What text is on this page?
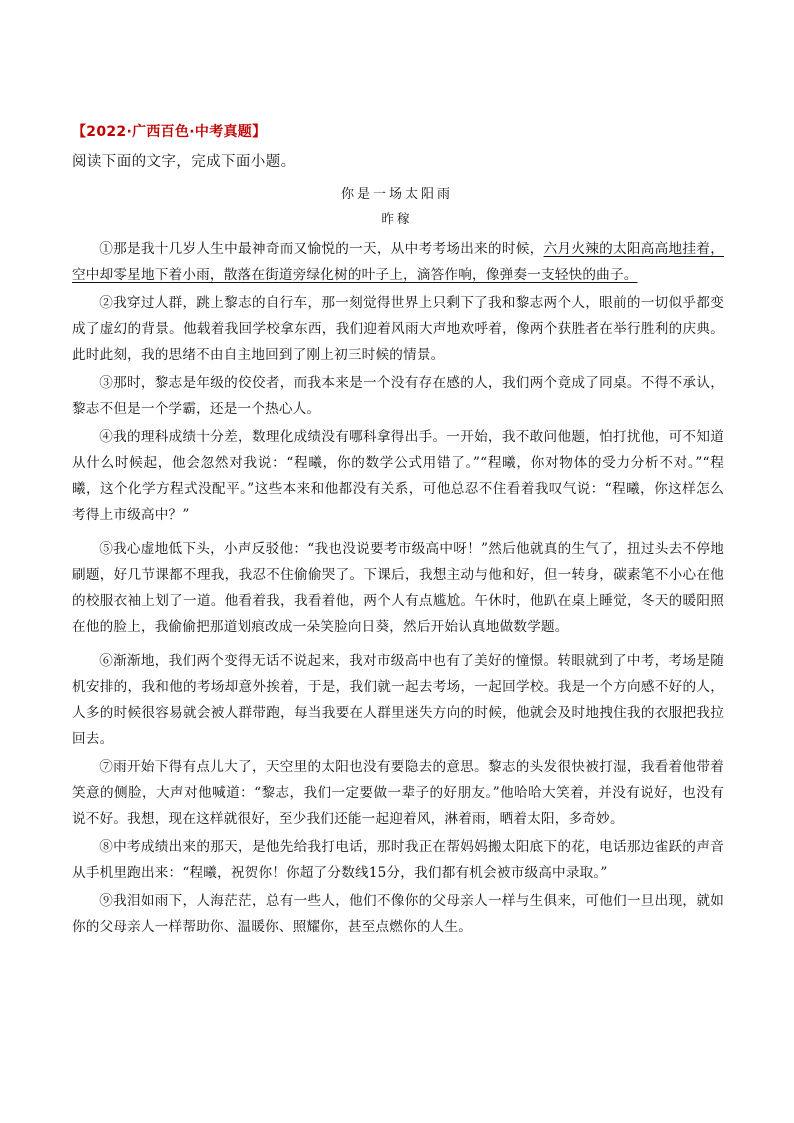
【2022·广西百色·中考真题】
阅读下面的文字，完成下面小题。
你是一场太阳雨
昨稼

①那是我十几岁人生中最神奇而又愉悦的一天，从中考考场出来的时候，六月火辣的太阳高高地挂着，空中却零星地下着小雨，散落在街道旁绿化树的叶子上，滴答作响，像弹奏一支轻快的曲子。

②我穿过人群，跳上黎志的自行车，那一刻觉得世界上只剩下了我和黎志两个人，眼前的一切似乎都变成了虚幻的背景。他载着我回学校拿东西，我们迎着风雨大声地欢呼着，像两个获胜者在举行胜利的庆典。此时此刻，我的思绪不由自主地回到了刚上初三时候的情景。

③那时，黎志是年级的佼佼者，而我本来是一个没有存在感的人，我们两个竟成了同桌。不得不承认，黎志不但是一个学霸，还是一个热心人。

④我的理科成绩十分差，数理化成绩没有哪科拿得出手。一开始，我不敢问他题，怕打扰他，可不知道从什么时候起，他会忽然对我说：“程曦，你的数学公式用错了。”“程曦，你对物体的受力分析不对。”“程曦，这个化学方程式没配平。”这些本来和他都没有关系，可他总忍不住看着我叹气说：“程曦，你这样怎么考得上市级高中？”

⑤我心虚地低下头，小声反驳他：“我也没说要考市级高中呀！”然后他就真的生气了，扭过头去不停地刷题，好几节课都不理我，我忍不住偷偷哭了。下课后，我想主动与他和好，但一转身，碳素笔不小心在他的校服衣袖上划了一道。他看着我，我看着他，两个人有点尴尬。午休时，他趴在桌上睡觉，冬天的暖阳照在他的脸上，我偷偷把那道划痕改成一朵笑脸向日葵，然后开始认真地做数学题。

⑥渐渐地，我们两个变得无话不说起来，我对市级高中也有了美好的憧憬。转眼就到了中考，考场是随机安排的，我和他的考场却意外挨着，于是，我们就一起去考场，一起回学校。我是一个方向感不好的人，人多的时候很容易就会被人群带跑，每当我要在人群里迷失方向的时候，他就会及时地拽住我的衣服把我拉回去。

⑦雨开始下得有点儿大了，天空里的太阳也没有要隐去的意思。黎志的头发很快被打湿，我看着他带着笑意的侧脸，大声对他喊道：“黎志，我们一定要做一辈子的好朋友。”他哈哈大笑着，并没有说好，也没有说不好。我想，现在这样就很好，至少我们还能一起迎着风，淋着雨，晒着太阳，多奇妙。

⑧中考成绩出来的那天，是他先给我打电话，那时我正在帮妈妈搬太阳底下的花，电话那边雀跃的声音从手机里跑出来：“程曦，祝贺你！你超了分数线15分，我们都有机会被市级高中录取。”

⑨我泪如雨下，人海茫茫，总有一些人，他们不像你的父母亲人一样与生俱来，可他们一旦出现，就如你的父母亲人一样帮助你、温暖你、照耀你，甚至点燃你的人生。
